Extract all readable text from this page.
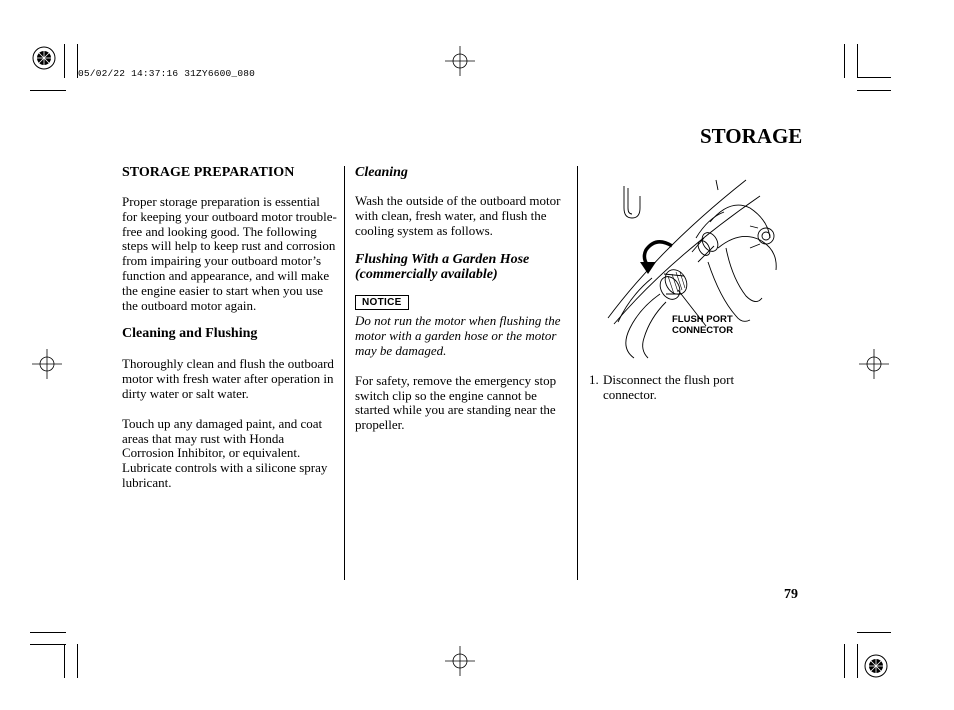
05/02/22 14:37:16 31ZY6600_080
STORAGE
STORAGE PREPARATION
Proper storage preparation is essential for keeping your outboard motor trouble-free and looking good. The following steps will help to keep rust and corrosion from impairing your outboard motor’s function and appearance, and will make the engine easier to start when you use the outboard motor again.
Cleaning and Flushing
Thoroughly clean and flush the outboard motor with fresh water after operation in dirty water or salt water.
Touch up any damaged paint, and coat areas that may rust with Honda Corrosion Inhibitor, or equivalent. Lubricate controls with a silicone spray lubricant.
Cleaning
Wash the outside of the outboard motor with clean, fresh water, and flush the cooling system as follows.
Flushing With a Garden Hose (commercially available)
NOTICE
Do not run the motor when flushing the motor with a garden hose or the motor may be damaged.
For safety, remove the emergency stop switch clip so the engine cannot be started while you are standing near the propeller.
FLUSH PORT CONNECTOR
1. Disconnect the flush port connector.
79
